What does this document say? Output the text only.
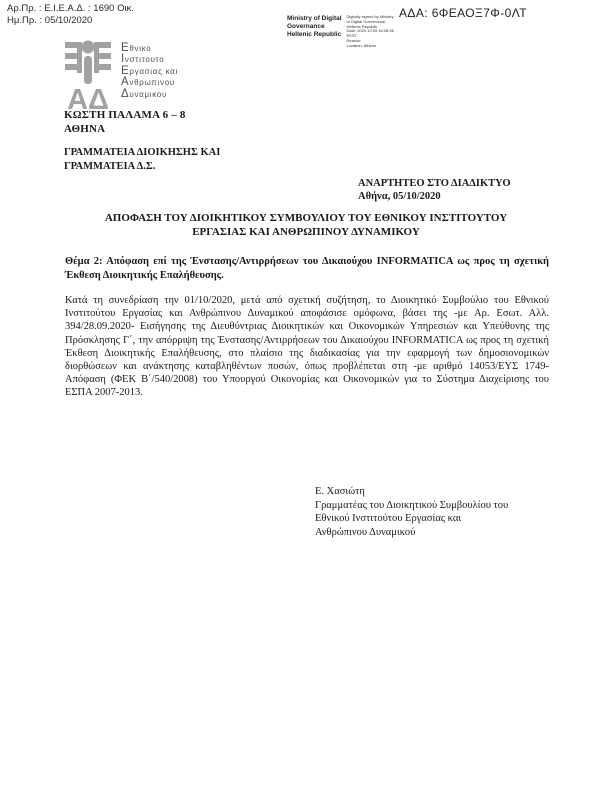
Αρ.Πρ. : Ε.Ι.Ε.Α.Δ. : 1690 Οικ.
Ημ.Πρ. : 05/10/2020	ΑΔΑ: 6ΦΕΑΟΞ7Φ-0ΛΤ
Ministry of Digital
Governance
Hellenic Republic
Digitally signed by Ministry
of Digital Governance,
Hellenic Republic
Date: 2020.10.05 16:08:26
EEST
Reason:
Location: Athens
ΑΔ
Εθνικο
Ινστιτουτο
Εργασιας και
Ανθρωπινου
Δυναμικου
ΚΩΣΤΗ ΠΑΛΑΜΑ 6 – 8
ΑΘΗΝΑ
ΓΡΑΜΜΑΤΕΙΑ ΔΙΟΙΚΗΣΗΣ ΚΑΙ
ΓΡΑΜΜΑΤΕΙΑ Δ.Σ.
ΑΝΑΡΤΗΤΕΟ ΣΤΟ ΔΙΑΔΙΚΤΥΟ
Αθήνα, 05/10/2020
ΑΠΟΦΑΣΗ ΤΟΥ ΔΙΟΙΚΗΤΙΚΟΥ ΣΥΜΒΟΥΛΙΟΥ ΤΟΥ ΕΘΝΙΚΟΥ ΙΝΣΤΙΤΟΥΤΟΥ
ΕΡΓΑΣΙΑΣ ΚΑΙ ΑΝΘΡΩΠΙΝΟΥ ΔΥΝΑΜΙΚΟΥ
Θέμα 2: Απόφαση επί της Ένστασης/Αντιρρήσεων του Δικαιούχου INFORMATICA ως προς τη σχετική Έκθεση Διοικητικής Επαλήθευσης.
Κατά τη συνεδρίαση την 01/10/2020, μετά από σχετική συζήτηση, το Διοικητικό Συμβούλιο του Εθνικού Ινστιτούτου Εργασίας και Ανθρώπινου Δυναμικού αποφάσισε ομόφωνα, βάσει της -με Αρ. Εσωτ. Αλλ. 394/28.09.2020- Εισήγησης της Διευθύντριας Διοικητικών και Οικονομικών Υπηρεσιών και Υπεύθυνης της Πρόσκλησης Γ΄, την απόρριψη της Ένστασης/Αντιρρήσεων του Δικαιούχου INFORMATICA ως προς τη σχετική Έκθεση Διοικητικής Επαλήθευσης, στο πλαίσιο της διαδικασίας για την εφαρμογή των δημοσιονομικών διορθώσεων και ανάκτησης καταβληθέντων ποσών, όπως προβλέπεται στη -με αριθμό 14053/ΕΥΣ 1749- Απόφαση (ΦΕΚ Β΄/540/2008) του Υπουργού Οικονομίας και Οικονομικών για το Σύστημα Διαχείρισης του ΕΣΠΑ 2007-2013.
Ε. Χασιώτη
Γραμματέας του Διοικητικού Συμβουλίου του
Εθνικού Ινστιτούτου Εργασίας και
Ανθρώπινου Δυναμικού
